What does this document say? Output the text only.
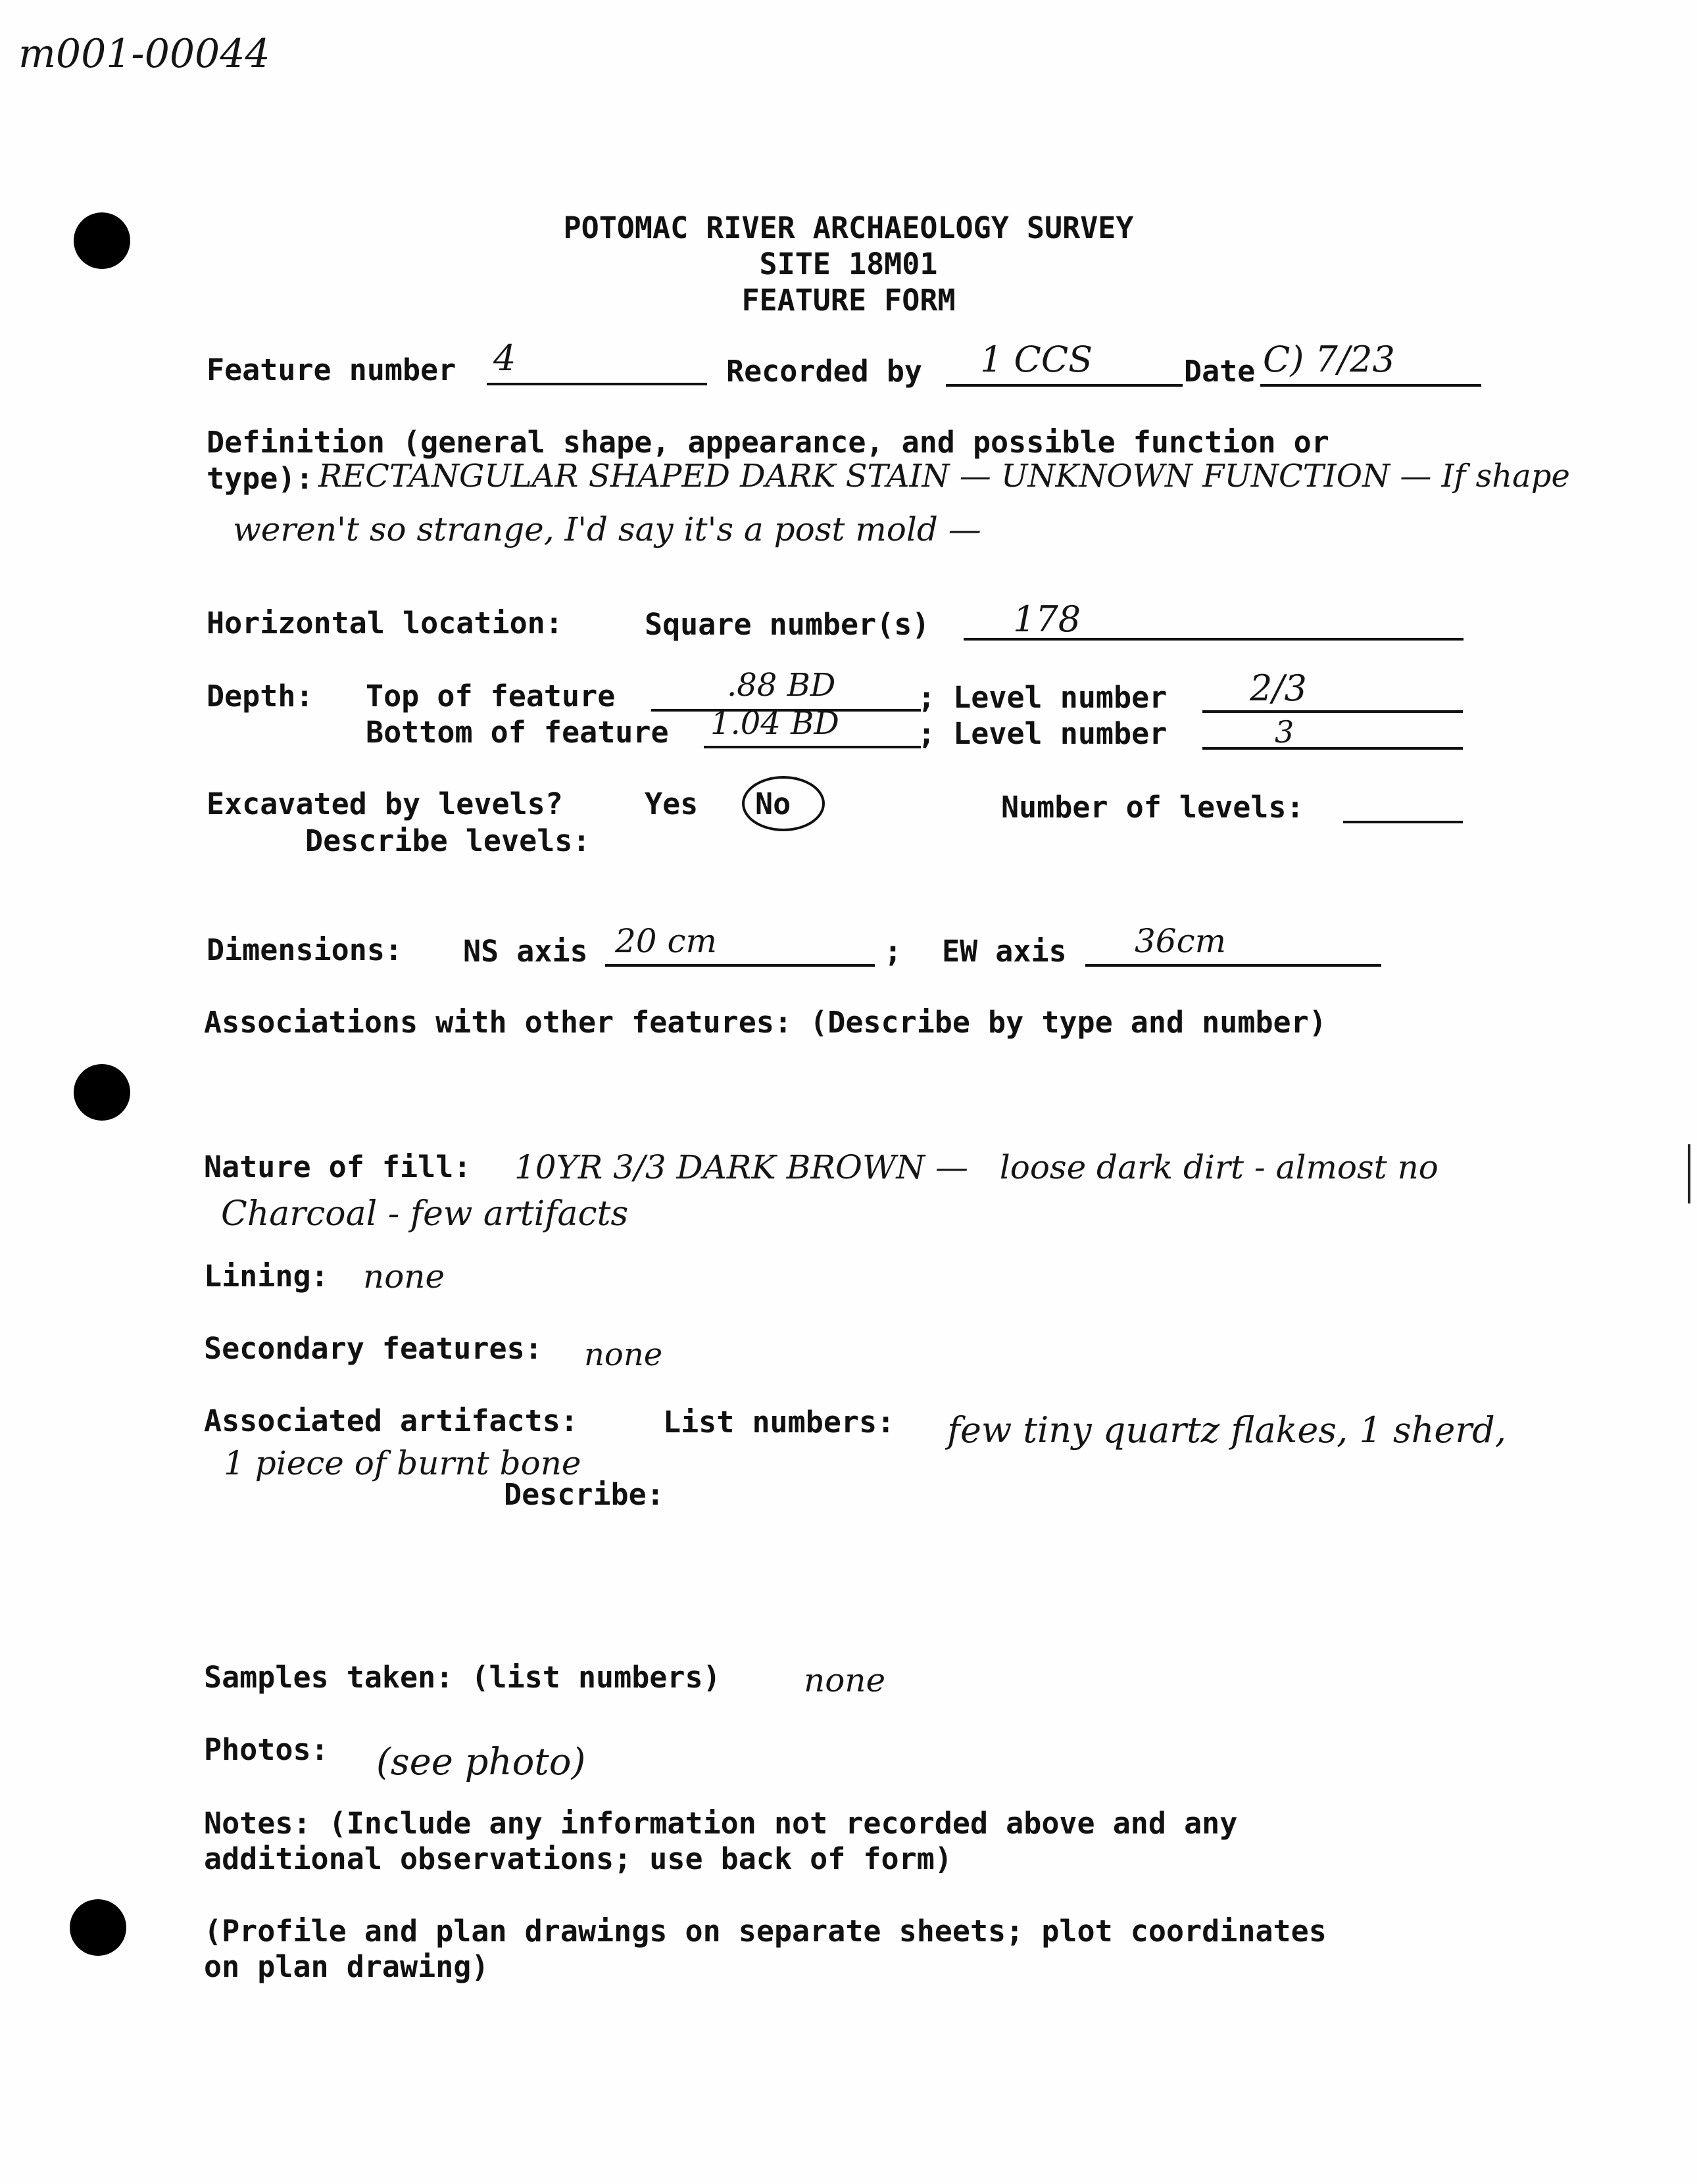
m001-00044
POTOMAC RIVER ARCHAEOLOGY SURVEY
SITE 18M01
FEATURE FORM
Feature number 4	Recorded by 1 CCS	Date C) 7/23
Definition (general shape, appearance, and possible function or
type): RECTANGULAR SHAPED DARK STAIN — UNKNOWN FUNCTION — If shape
weren't so strange, I'd say it's a post mold —
Horizontal location:	Square number(s) 178
Depth: Top of feature	.88 BD	; Level number 2/3
Bottom of feature 1.04 BD	; Level number	3
Excavated by levels?	Yes No	Number of levels:
Describe levels:
Dimensions: NS axis 20 cm	; EW axis 36cm
Associations with other features: (Describe by type and number)
Nature of fill: 10YR 3/3 DARK BROWN —   loose dark dirt - almost no
Charcoal - few artifacts
Lining: none
Secondary features: none
Associated artifacts:	List numbers: few tiny quartz flakes, 1 sherd,
1 piece of burnt bone
Describe:
Samples taken: (list numbers)	none
Photos: (see photo)
Notes: (Include any information not recorded above and any
additional observations; use back of form)
(Profile and plan drawings on separate sheets; plot coordinates
on plan drawing)
